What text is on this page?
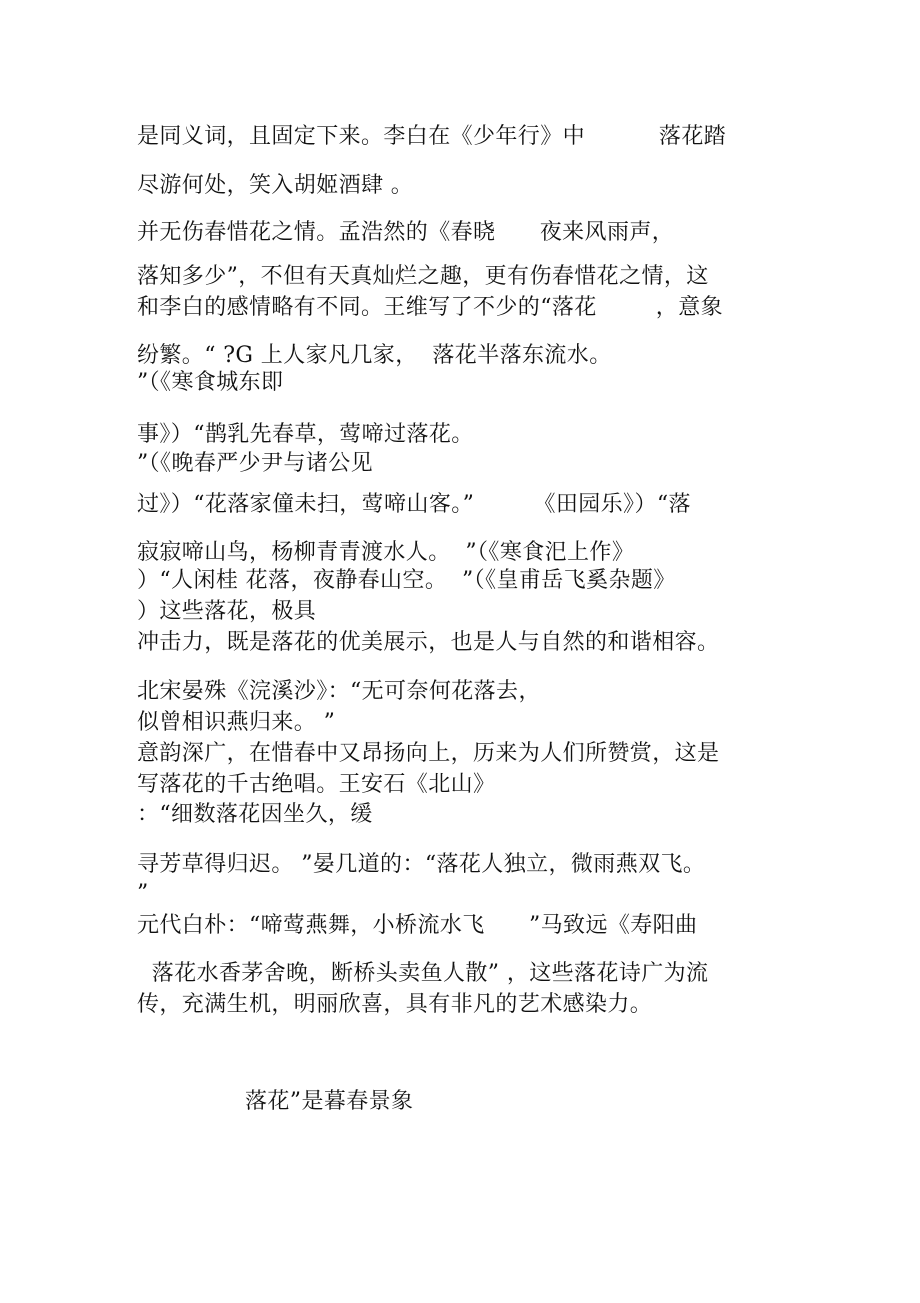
是同义词，且固定下来。李白在《少年行》中          落花踏

尽游何处，笑入胡姬酒肆 。

并无伤春惜花之情。孟浩然的《春晓      夜来风雨声，

落知多少”，不但有天真灿烂之趣，更有伤春惜花之情，这

和李白的感情略有不同。王维写了不少的“落花        ，意象

纷繁。“ ?G 上人家凡几家，  落花半落东流水。

”（《寒食城东即

事》）“鹊乳先春草，莺啼过落花。

”（《晚春严少尹与诸公见

过》）“花落家僮未扫，莺啼山客。”        《田园乐》）“落

寂寂啼山鸟，杨柳青青渡水人。  ”（《寒食汜上作》

）“人闲桂 花落，夜静春山空。  ”（《皇甫岳飞奚杂题》

）这些落花，极具

冲击力，既是落花的优美展示，也是人与自然的和谐相容。

北宋晏殊《浣溪沙》：“无可奈何花落去，

似曾相识燕归来。 ”

意韵深广，在惜春中又昂扬向上，历来为人们所赞赏，这是

写落花的千古绝唱。王安石《北山》

：“细数落花因坐久，缓

寻芳草得归迟。 ”晏几道的：“落花人独立，微雨燕双飞。

”

元代白朴：“啼莺燕舞，小桥流水飞      ”马致远《寿阳曲

落花水香茅舍晚，断桥头卖鱼人散” ，这些落花诗广为流

传，充满生机，明丽欣喜，具有非凡的艺术感染力。

落花”是暮春景象
